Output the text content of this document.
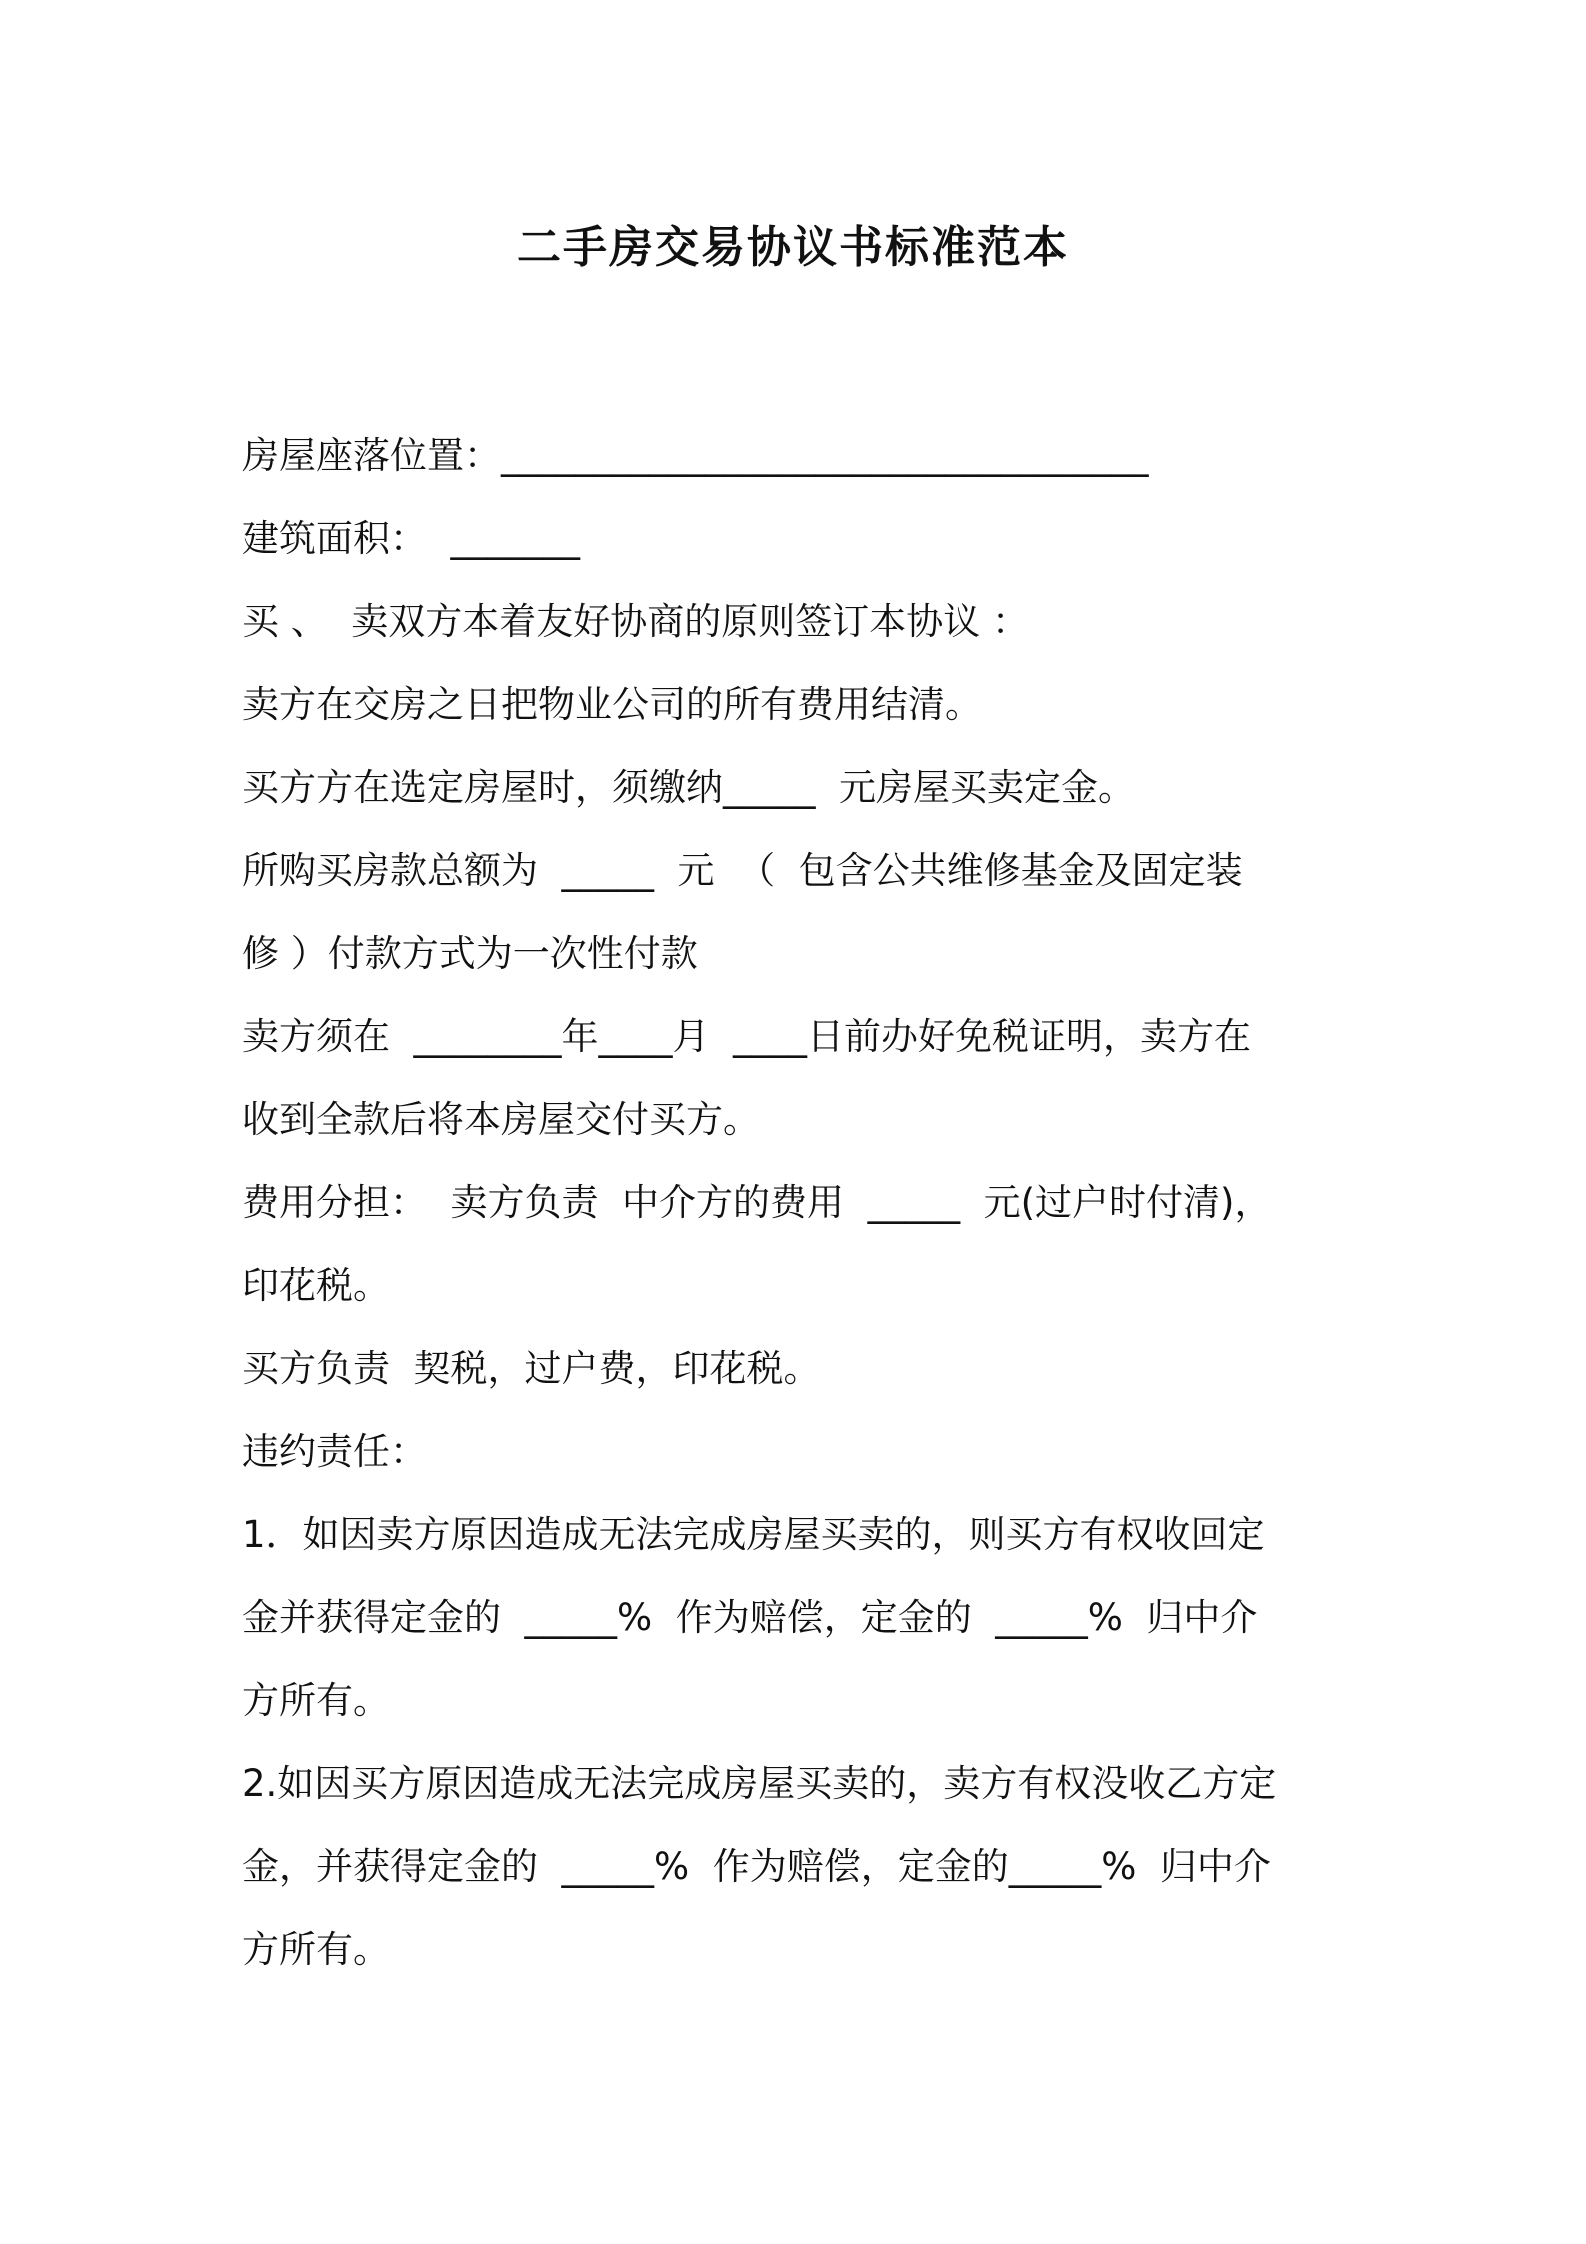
二手房交易协议书标准范本

房屋座落位置：___________________________________

建筑面积：  _______

买 、  卖双方本着友好协商的原则签订本协议 ：

卖方在交房之日把物业公司的所有费用结清。

买方方在选定房屋时，须缴纳_____  元房屋买卖定金。

所购买房款总额为  _____  元  （  包含公共维修基金及固定装

修 ）付款方式为一次性付款

卖方须在  ________年____月  ____日前办好免税证明，卖方在

收到全款后将本房屋交付买方。

费用分担：  卖方负责  中介方的费用  _____  元(过户时付清)，

印花税。

买方负责  契税，过户费，印花税。

违约责任：

1．如因卖方原因造成无法完成房屋买卖的，则买方有权收回定

金并获得定金的  _____%  作为赔偿，定金的  _____%  归中介

方所有。

2.如因买方原因造成无法完成房屋买卖的，卖方有权没收乙方定

金，并获得定金的  _____%  作为赔偿，定金的_____%  归中介

方所有。
